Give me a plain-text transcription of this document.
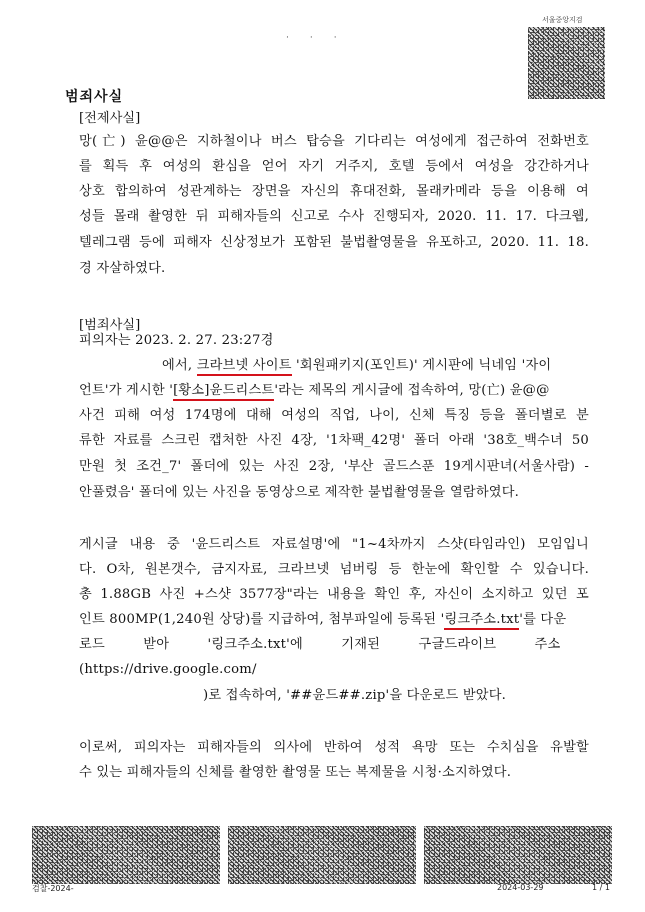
·　·　·
서울중앙지검
범죄사실
[전제사실]
망(亡) 윤@@은 지하철이나 버스 탑승을 기다리는 여성에게 접근하여 전화번호
를 획득 후 여성의 환심을 얻어 자기 거주지, 호텔 등에서 여성을 강간하거나
상호 합의하여 성관계하는 장면을 자신의 휴대전화, 몰래카메라 등을 이용해 여
성들 몰래 촬영한 뒤 피해자들의 신고로 수사 진행되자, 2020. 11. 17. 다크웹,
텔레그램 등에 피해자 신상정보가 포함된 불법촬영물을 유포하고, 2020. 11. 18.
경 자살하였다.
[범죄사실]
피의자는 2023. 2. 27. 23:27경
에서, 크라브넷 사이트 '회원패키지(포인트)' 게시판에 닉네임 '자이
언트'가 게시한 '[황소]윤드리스트'라는 제목의 게시글에 접속하여, 망(亡) 윤@@
사건 피해 여성 174명에 대해 여성의 직업, 나이, 신체 특징 등을 폴더별로 분
류한 자료를 스크린 캡처한 사진 4장, '1차팩_42명' 폴더 아래 '38호_백수녀 50
만원 첫 조건_7' 폴더에 있는 사진 2장, '부산 골드스푼 19게시판녀(서울사람) -
안풀렸음' 폴더에 있는 사진을 동영상으로 제작한 불법촬영물을 열람하였다.
게시글 내용 중 '윤드리스트 자료설명'에 "1~4차까지 스샷(타임라인) 모임입니
다. O차, 원본갯수, 금지자료, 크라브넷 넘버링 등 한눈에 확인할 수 있습니다.
총 1.88GB 사진 +스샷 3577장"라는 내용을 확인 후, 자신이 소지하고 있던 포
인트 800MP(1,240원 상당)를 지급하여, 첨부파일에 등록된 '링크주소.txt'를 다운
로드 받아 '링크주소.txt'에 기재된 구글드라이브 주소
(https://drive.google.com/
)로 접속하여, '##윤드##.zip'을 다운로드 받았다.
이로써, 피의자는 피해자들의 의사에 반하여 성적 욕망 또는 수치심을 유발할
수 있는 피해자들의 신체를 촬영한 촬영물 또는 복제물을 시청·소지하였다.
검찰-2024-	2024-03-29	1 / 1
